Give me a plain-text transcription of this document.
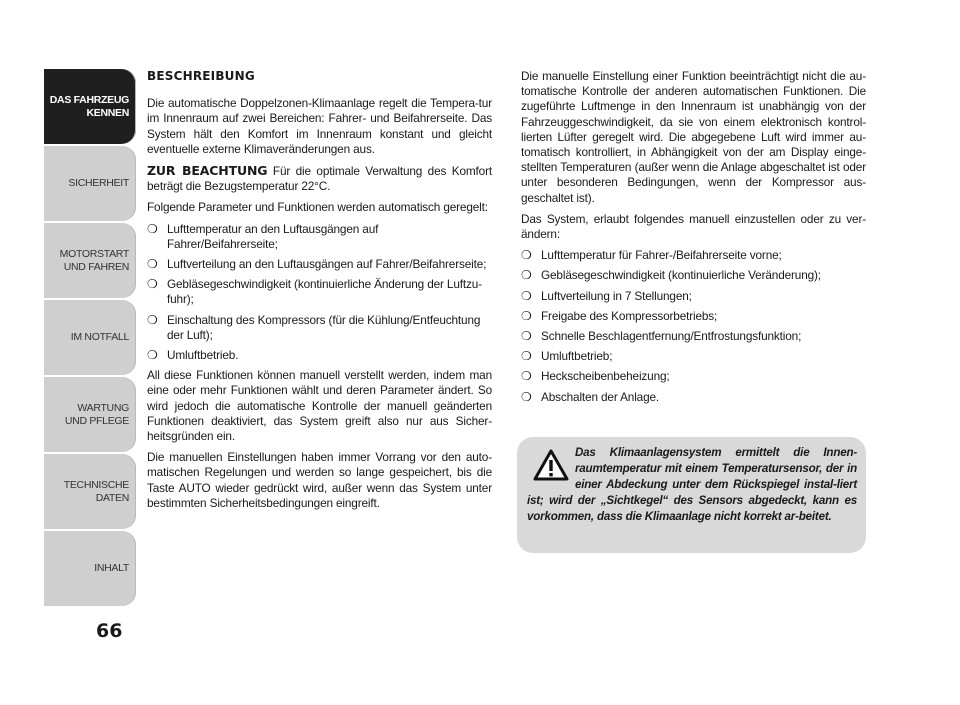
DAS FAHRZEUG
KENNEN
SICHERHEIT
MOTORSTART
UND FAHREN
IM NOTFALL
WARTUNG
UND PFLEGE
TECHNISCHE
DATEN
INHALT
66
BESCHREIBUNG

Die automatische Doppelzonen-Klimaanlage regelt die Tempera-tur im Innenraum auf zwei Bereichen: Fahrer- und Beifahrerseite. Das System hält den Komfort im Innenraum konstant und gleicht eventuelle externe Klimaveränderungen aus.

ZUR BEACHTUNG Für die optimale Verwaltung des Komfort beträgt die Bezugstemperatur 22°C.

Folgende Parameter und Funktionen werden automatisch geregelt:

❍ Lufttemperatur an den Luftausgängen auf Fahrer/Beifahrerseite;
❍ Luftverteilung an den Luftausgängen auf Fahrer/Beifahrerseite;
❍ Gebläsegeschwindigkeit (kontinuierliche Änderung der Luftzu-fuhr);
❍ Einschaltung des Kompressors (für die Kühlung/Entfeuchtung der Luft);
❍ Umluftbetrieb.

All diese Funktionen können manuell verstellt werden, indem man eine oder mehr Funktionen wählt und deren Parameter ändert. So wird jedoch die automatische Kontrolle der manuell geänderten Funktionen deaktiviert, das System greift also nur aus Sicher-heitsgründen ein.

Die manuellen Einstellungen haben immer Vorrang vor den auto-matischen Regelungen und werden so lange gespeichert, bis die Taste AUTO wieder gedrückt wird, außer wenn das System unter bestimmten Sicherheitsbedingungen eingreift.

Die manuelle Einstellung einer Funktion beeinträchtigt nicht die au-tomatische Kontrolle der anderen automatischen Funktionen. Die zugeführte Luftmenge in den Innenraum ist unabhängig von der Fahrzeuggeschwindigkeit, da sie von einem elektronisch kontrol-lierten Lüfter geregelt wird. Die abgegebene Luft wird immer au-tomatisch kontrolliert, in Abhängigkeit von der am Display einge-stellten Temperaturen (außer wenn die Anlage abgeschaltet ist oder unter besonderen Bedingungen, wenn der Kompressor aus-geschaltet ist).

Das System, erlaubt folgendes manuell einzustellen oder zu ver-ändern:

❍ Lufttemperatur für Fahrer-/Beifahrerseite vorne;
❍ Gebläsegeschwindigkeit (kontinuierliche Veränderung);
❍ Luftverteilung in 7 Stellungen;
❍ Freigabe des Kompressorbetriebs;
❍ Schnelle Beschlagentfernung/Entfrostungsfunktion;
❍ Umluftbetrieb;
❍ Heckscheibenbeheizung;
❍ Abschalten der Anlage.
Das Klimaanlagensystem ermittelt die Innen-raumtemperatur mit einem Temperatursensor, der in einer Abdeckung unter dem Rückspiegel instal-liert ist; wird der „Sichtkegel“ des Sensors abgedeckt, kann es vorkommen, dass die Klimaanlage nicht korrekt ar-beitet.
